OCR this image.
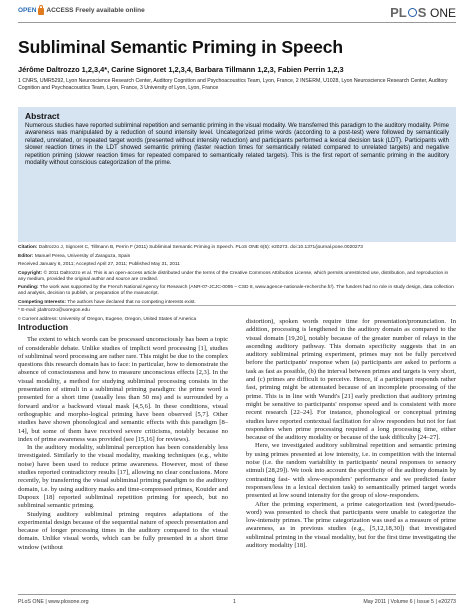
OPEN ACCESS Freely available online	PL S ONE
Subliminal Semantic Priming in Speech
Jérôme Daltrozzo 1,2,3,4*, Carine Signoret 1,2,3,4, Barbara Tillmann 1,2,3, Fabien Perrin 1,2,3
1 CNRS, UMR5292, Lyon Neuroscience Research Center, Auditory Cognition and Psychoacoustics Team, Lyon, France, 2 INSERM, U1028, Lyon Neuroscience Research Center, Auditory Cognition and Psychoacoustics Team, Lyon, France, 3 University of Lyon, Lyon, France
Abstract
Numerous studies have reported subliminal repetition and semantic priming in the visual modality. We transferred this paradigm to the auditory modality. Prime awareness was manipulated by a reduction of sound intensity level. Uncategorized prime words (according to a post-test) were followed by semantically related, unrelated, or repeated target words (presented without intensity reduction) and participants performed a lexical decision task (LDT). Participants with slower reaction times in the LDT showed semantic priming (faster reaction times for semantically related compared to unrelated targets) and negative repetition priming (slower reaction times for repeated compared to semantically related targets). This is the first report of semantic priming in the auditory modality without conscious categorization of the prime.

Citation: Daltrozzo J, Signoret C, Tillmann B, Perrin F (2011) Subliminal Semantic Priming in Speech. PLoS ONE 6(5): e20273. doi:10.1371/journal.pone.0020273

Editor: Manuel Perea, University of Zaragoza, Spain

Received January 6, 2011; Accepted April 27, 2011; Published May 31, 2011

Copyright: © 2011 Daltrozzo et al. This is an open-access article distributed under the terms of the Creative Commons Attribution License, which permits unrestricted use, distribution, and reproduction in any medium, provided the original author and source are credited.

Funding: The work was supported by the French National Agency for Research (ANR-07-JCJC-0095 – CSD 8, www.agence-nationale-recherche.fr/). The funders had no role in study design, data collection and analysis, decision to publish, or preparation of the manuscript.

Competing Interests: The authors have declared that no competing interests exist.

* E-mail: jdaltrozzo@uoregon.edu

¤ Current address: University of Oregon, Eugene, Oregon, United States of America

Introduction

The extent to which words can be processed unconsciously has been a topic of considerable debate. Unlike studies of implicit word processing [1], studies of subliminal word processing are rather rare. This might be due to the complex questions this research domain has to face: in particular, how to demonstrate the absence of consciousness and how to measure unconscious effects [2,3]. In the visual modality, a method for studying subliminal processing consists in the presentation of stimuli in a subliminal priming paradigm: the prime word is presented for a short time (usually less than 50 ms) and is surrounded by a forward and/or a backward visual mask [4,5,6]. In these conditions, visual orthographic and morpho-logical priming have been observed [5,7]. Other studies have shown phonological and semantic effects with this paradigm [8–14], but some of them have received severe criticisms, notably because no index of prime awareness was provided (see [15,16] for reviews).

In the auditory modality, subliminal perception has been considerably less investigated. Similarly to the visual modality, masking techniques (e.g., white noise) have been used to reduce prime awareness. However, most of these studies reported contradictory results [17], allowing no clear conclusions. More recently, by transferring the visual subliminal priming paradigm to the auditory domain, i.e. by using auditory masks and time-compressed primes, Kouider and Dupoux [18] reported subliminal repetition priming for speech, but no subliminal semantic priming.

Studying auditory subliminal priming requires adaptations of the experimental design because of the sequential nature of speech presentation and because of longer processing times in the auditory compared to the visual domain. Unlike visual words, which can be fully presented in a short time window (without

distortion), spoken words require time for presentation/pronunciation. In addition, processing is lengthened in the auditory domain as compared to the visual domain [19,20], notably because of the greater number of relays in the ascending auditory pathway. This domain specificity suggests that in an auditory subliminal priming experiment, primes may not be fully perceived before the participants' response when (a) participants are asked to perform a task as fast as possible, (b) the interval between primes and targets is very short, and (c) primes are difficult to perceive. Hence, if a participant responds rather fast, priming might be attenuated because of an incomplete processing of the prime. This is in line with Wundt's [21] early prediction that auditory priming might be sensitive to participants' response speed and is consistent with more recent research [22–24]. For instance, phonological or conceptual priming studies have reported contextual facilitation for slow responders but not for fast responders when prime processing required a long processing time, either because of the auditory modality or because of the task difficulty [24–27].

Here, we investigated auditory subliminal repetition and semantic priming by using primes presented at low intensity, i.e. in competition with the internal noise (i.e. the random variability in participants' neural responses to sensory stimuli [28,29]). We took into account the specificity of the auditory domain by contrasting fast- with slow-responders' performance and we predicted faster responses/less in a lexical decision task) to semantically primed target words presented at low sound intensity for the group of slow-responders.

After the priming experiment, a prime categorization test (word/pseudo-word) was presented to check that participants were unable to categorize the low-intensity primes. The prime categorization was used as a measure of prime awareness, as in previous studies (e.g., [5,12,18,30]) that investigated subliminal priming in the visual modality, but for the first time investigating the auditory modality [18].

PLoS ONE | www.plosone.org	1	May 2011 | Volume 6 | Issue 5 | e20273
